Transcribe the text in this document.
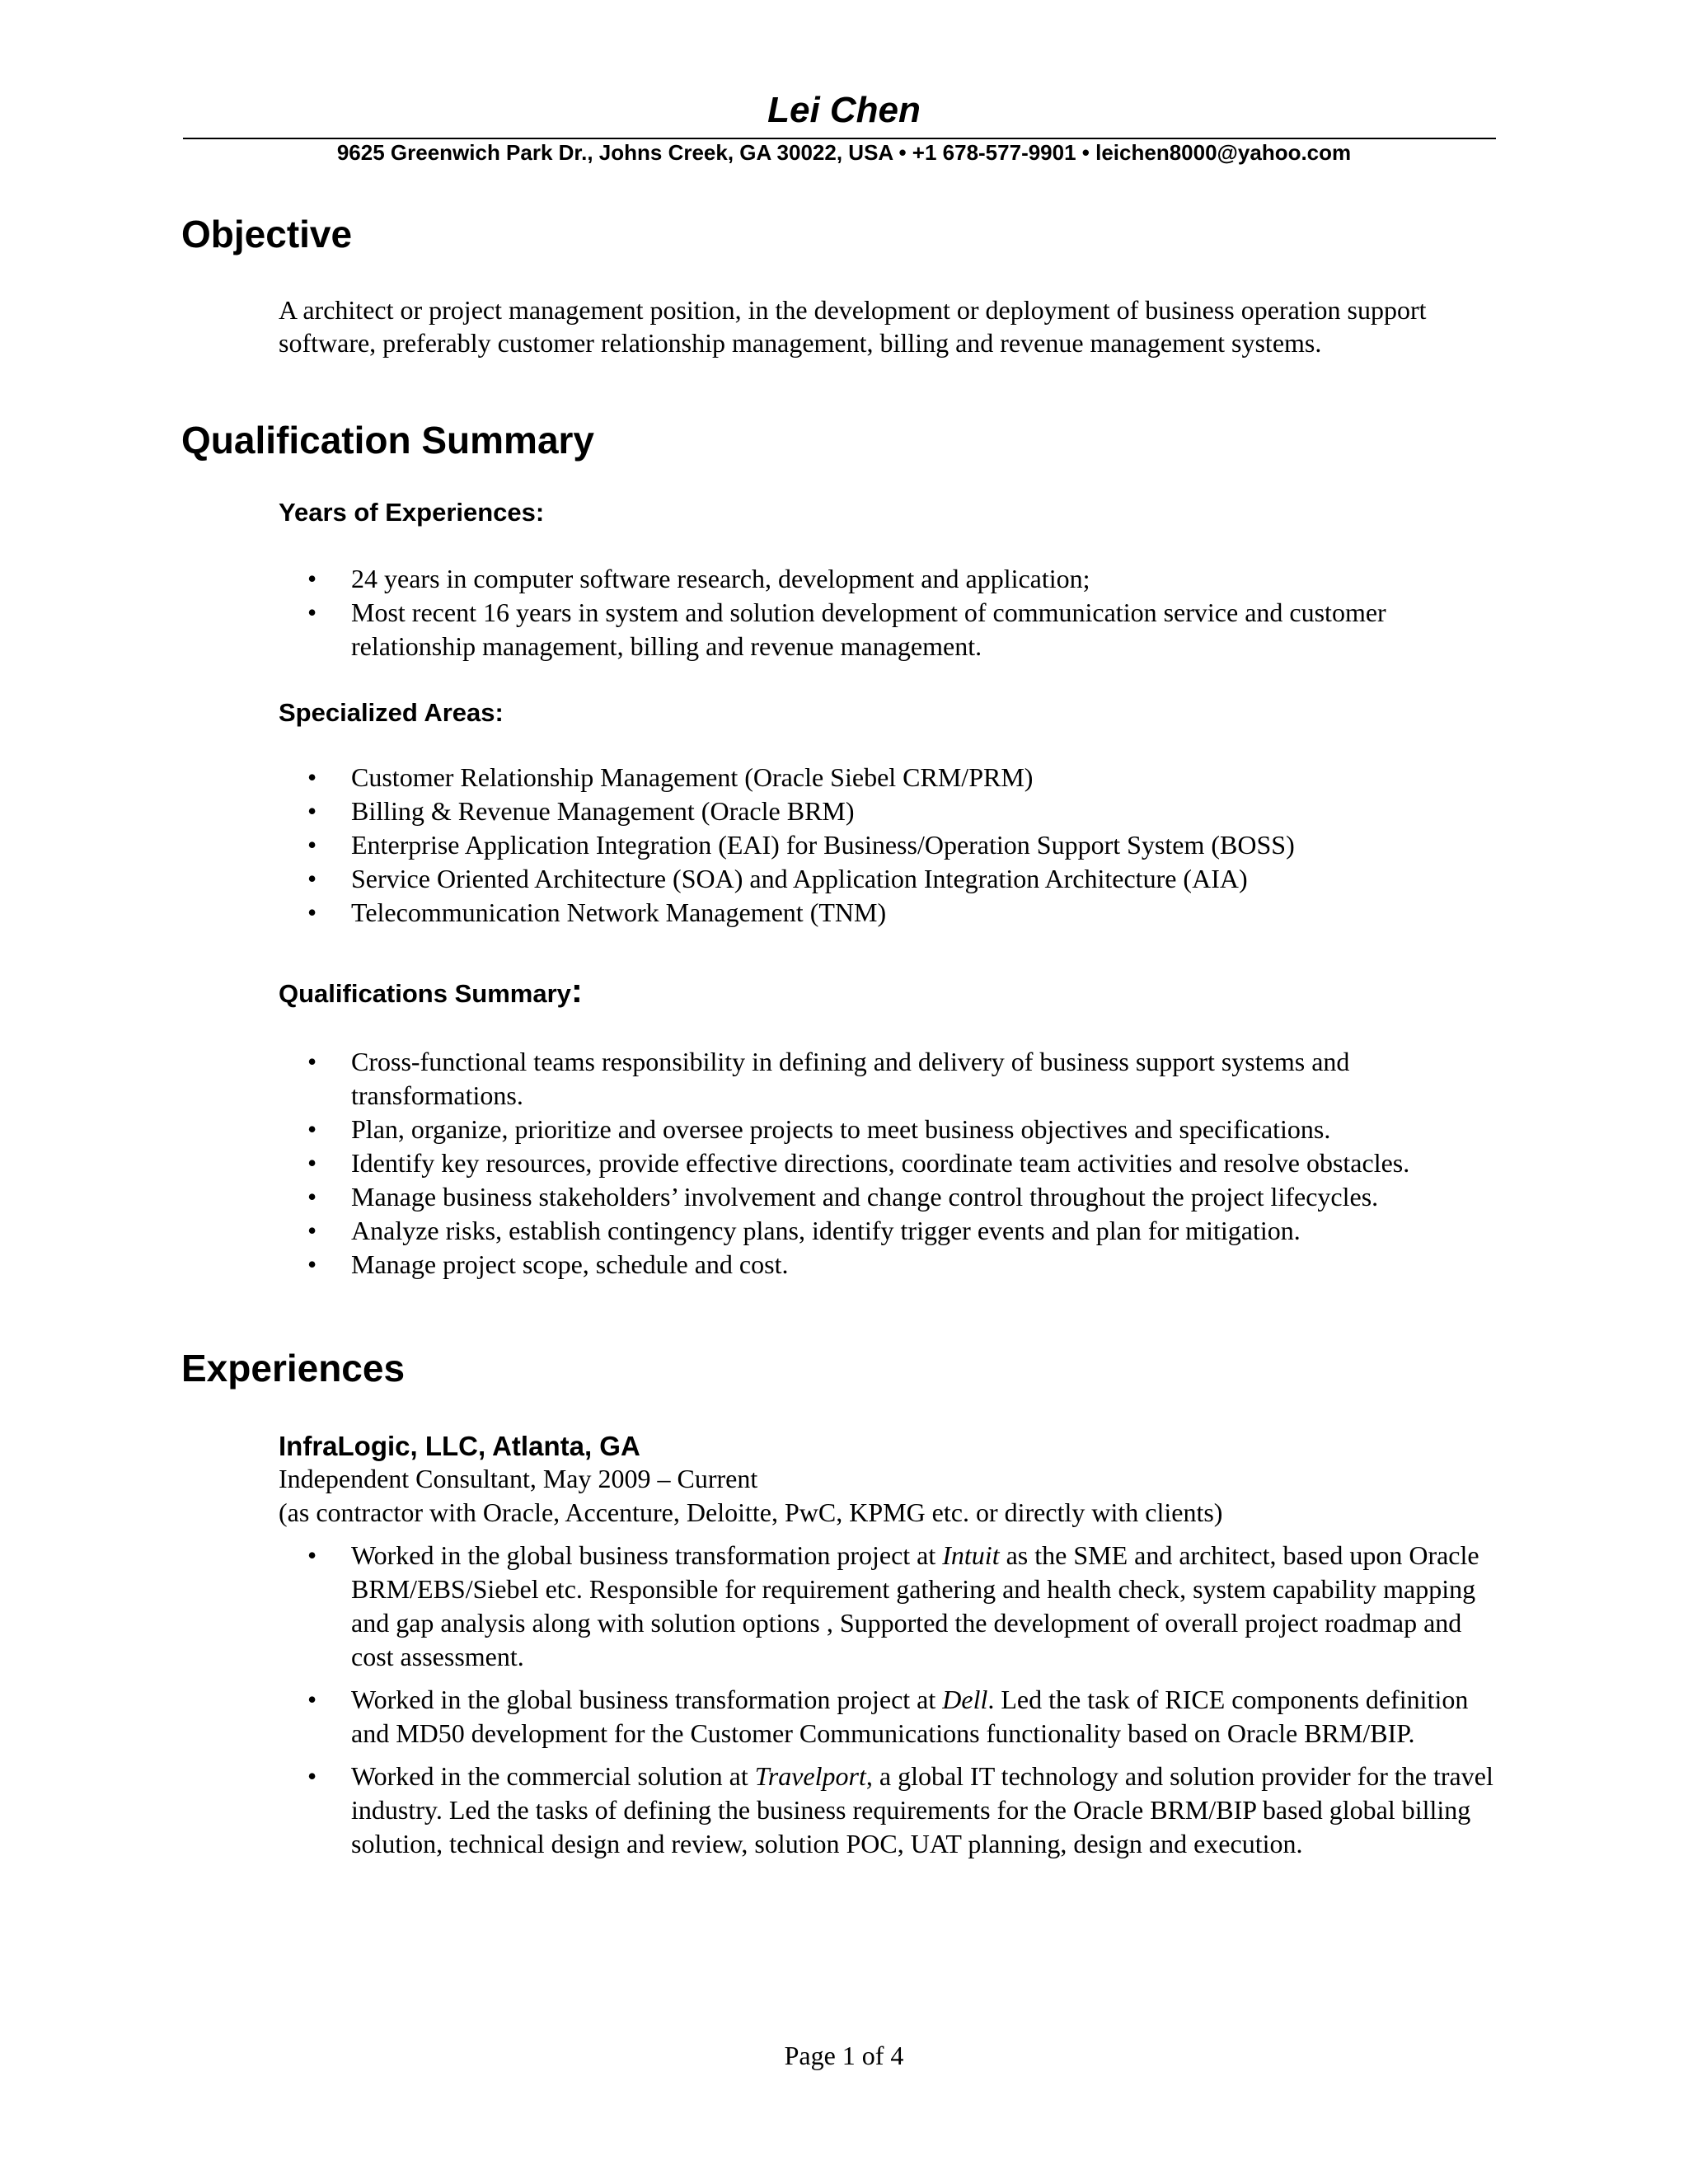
Lei Chen
9625 Greenwich Park Dr., Johns Creek, GA 30022, USA • +1 678-577-9901 • leichen8000@yahoo.com
Objective

A architect or project management position, in the development or deployment of business operation support software, preferably customer relationship management, billing and revenue management systems.

Qualification Summary
Years of Experiences:
• 24 years in computer software research, development and application;
• Most recent 16 years in system and solution development of communication service and customer relationship management, billing and revenue management.
Specialized Areas:
• Customer Relationship Management (Oracle Siebel CRM/PRM)
• Billing & Revenue Management (Oracle BRM)
• Enterprise Application Integration (EAI) for Business/Operation Support System (BOSS)
• Service Oriented Architecture (SOA) and Application Integration Architecture (AIA)
• Telecommunication Network Management (TNM)
Qualifications Summary:
• Cross-functional teams responsibility in defining and delivery of business support systems and transformations.
• Plan, organize, prioritize and oversee projects to meet business objectives and specifications.
• Identify key resources, provide effective directions, coordinate team activities and resolve obstacles.
• Manage business stakeholders’ involvement and change control throughout the project lifecycles.
• Analyze risks, establish contingency plans, identify trigger events and plan for mitigation.
• Manage project scope, schedule and cost.
Experiences
InfraLogic, LLC, Atlanta, GA
Independent Consultant, May 2009 – Current
(as contractor with Oracle, Accenture, Deloitte, PwC, KPMG etc. or directly with clients)
• Worked in the global business transformation project at Intuit as the SME and architect, based upon Oracle BRM/EBS/Siebel etc. Responsible for requirement gathering and health check, system capability mapping and gap analysis along with solution options , Supported the development of overall project roadmap and cost assessment.
• Worked in the global business transformation project at Dell. Led the task of RICE components definition and MD50 development for the Customer Communications functionality based on Oracle BRM/BIP.
• Worked in the commercial solution at Travelport, a global IT technology and solution provider for the travel industry. Led the tasks of defining the business requirements for the Oracle BRM/BIP based global billing solution, technical design and review, solution POC, UAT planning, design and execution.
Page 1 of 4
